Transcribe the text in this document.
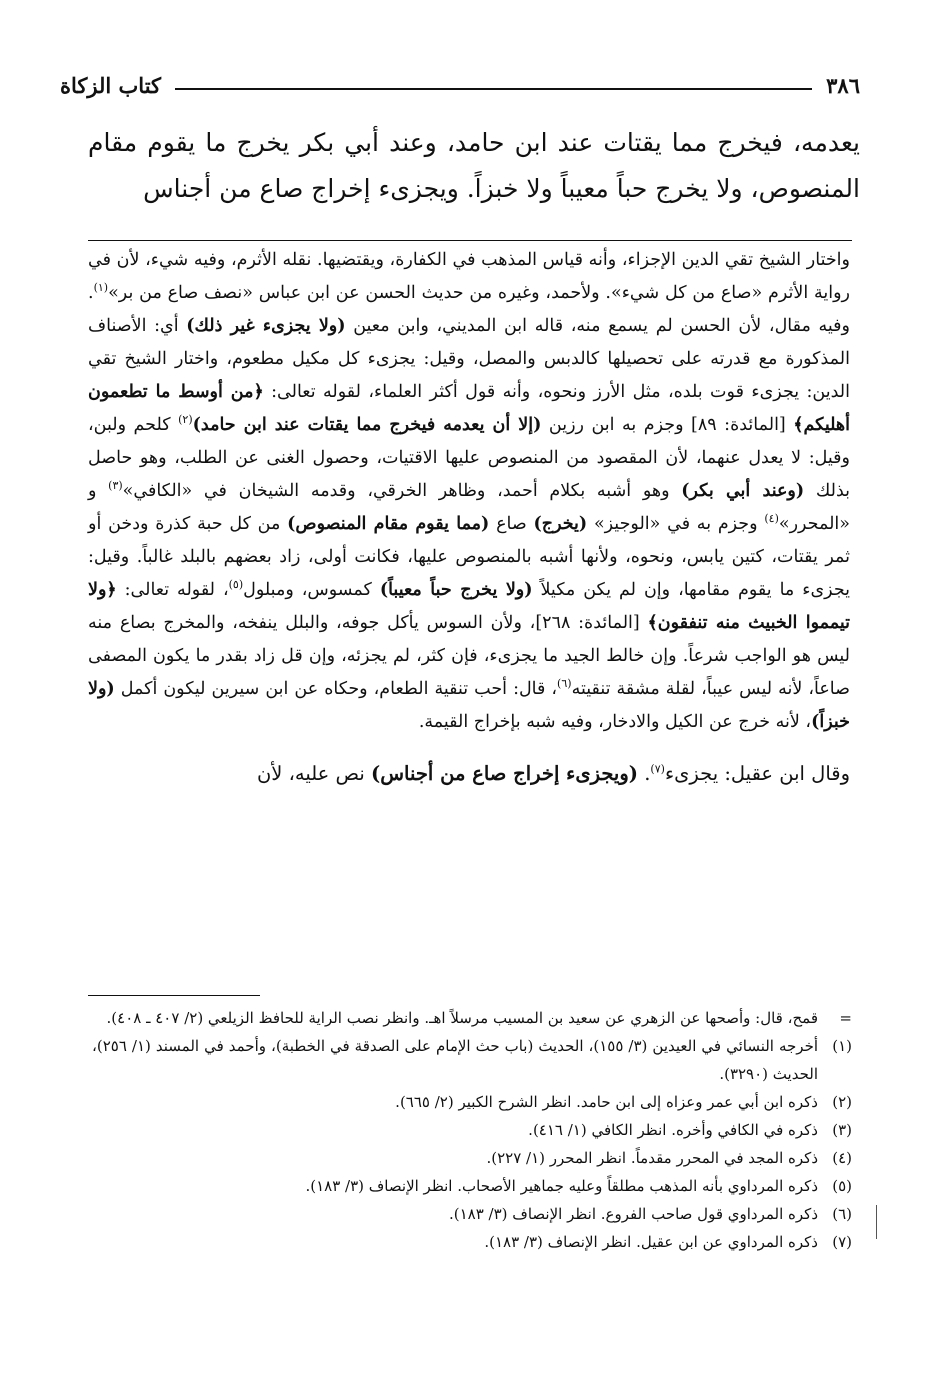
٣٨٦
كتاب الزكاة
يعدمه، فيخرج مما يقتات عند ابن حامد، وعند أبي بكر يخرج ما يقوم مقام المنصوص، ولا يخرج حباً معيباً ولا خبزاً. ويجزىء إخراج صاع من أجناس
واختار الشيخ تقي الدين الإجزاء، وأنه قياس المذهب في الكفارة، ويقتضيها. نقله الأثرم، وفيه شيء، لأن في رواية الأثرم «صاع من كل شيء». ولأحمد، وغيره من حديث الحسن عن ابن عباس «نصف صاع من بر»$^{(١)}$. وفيه مقال، لأن الحسن لم يسمع منه، قاله ابن المديني، وابن معين (ولا يجزىء غير ذلك) أي: الأصناف المذكورة مع قدرته على تحصيلها كالدبس والمصل، وقيل: يجزىء كل مكيل مطعوم، واختار الشيخ تقي الدين: يجزىء قوت بلده، مثل الأرز ونحوه، وأنه قول أكثر العلماء، لقوله تعالى: ﴿من أوسط ما تطعمون أهليكم﴾ [المائدة: ٨٩] وجزم به ابن رزين (إلا أن يعدمه فيخرج مما يقتات عند ابن حامد)$^{(٢)}$ كلحم ولبن، وقيل: لا يعدل عنهما، لأن المقصود من المنصوص عليها الاقتيات، وحصول الغنى عن الطلب، وهو حاصل بذلك (وعند أبي بكر) وهو أشبه بكلام أحمد، وظاهر الخرقي، وقدمه الشيخان في «الكافي»$^{(٣)}$ و «المحرر»$^{(٤)}$ وجزم به في «الوجيز» (يخرج) صاع (مما يقوم مقام المنصوص) من كل حبة كذرة ودخن أو ثمر يقتات، كتين يابس، ونحوه، ولأنها أشبه بالمنصوص عليها، فكانت أولى، زاد بعضهم بالبلد غالباً. وقيل: يجزىء ما يقوم مقامها، وإن لم يكن مكيلاً (ولا يخرج حباً معيباً) كمسوس، ومبلول$^{(٥)}$، لقوله تعالى: ﴿ولا تيمموا الخبيث منه تنفقون﴾ [المائدة: ٢٦٨]، ولأن السوس يأكل جوفه، والبلل ينفخه، والمخرج بصاع منه ليس هو الواجب شرعاً. وإن خالط الجيد ما يجزىء، فإن كثر، لم يجزئه، وإن قل زاد بقدر ما يكون المصفى صاعاً، لأنه ليس عيباً، لقلة مشقة تنقيته$^{(٦)}$، قال: أحب تنقية الطعام، وحكاه عن ابن سيرين ليكون أكمل (ولا خبزاً)، لأنه خرج عن الكيل والادخار، وفيه شبه بإخراج القيمة.
وقال ابن عقيل: يجزىء$^{(٧)}$. (ويجزىء إخراج صاع من أجناس) نص عليه، لأن
=
قمح، قال: وأصحها عن الزهري عن سعيد بن المسيب مرسلاً اهـ. وانظر نصب الراية للحافظ الزيلعي (٢/ ٤٠٧ ـ ٤٠٨).
(١)
أخرجه النسائي في العيدين (٣/ ١٥٥)، الحديث (باب حث الإمام على الصدقة في الخطبة)، وأحمد في المسند (١/ ٢٥٦)، الحديث (٣٢٩٠).
(٢)
ذكره ابن أبي عمر وعزاه إلى ابن حامد. انظر الشرح الكبير (٢/ ٦٦٥).
(٣)
ذكره في الكافي وأخره. انظر الكافي (١/ ٤١٦).
(٤)
ذكره المجد في المحرر مقدماً. انظر المحرر (١/ ٢٢٧).
(٥)
ذكره المرداوي بأنه المذهب مطلقاً وعليه جماهير الأصحاب. انظر الإنصاف (٣/ ١٨٣).
(٦)
ذكره المرداوي قول صاحب الفروع. انظر الإنصاف (٣/ ١٨٣).
(٧)
ذكره المرداوي عن ابن عقيل. انظر الإنصاف (٣/ ١٨٣).
